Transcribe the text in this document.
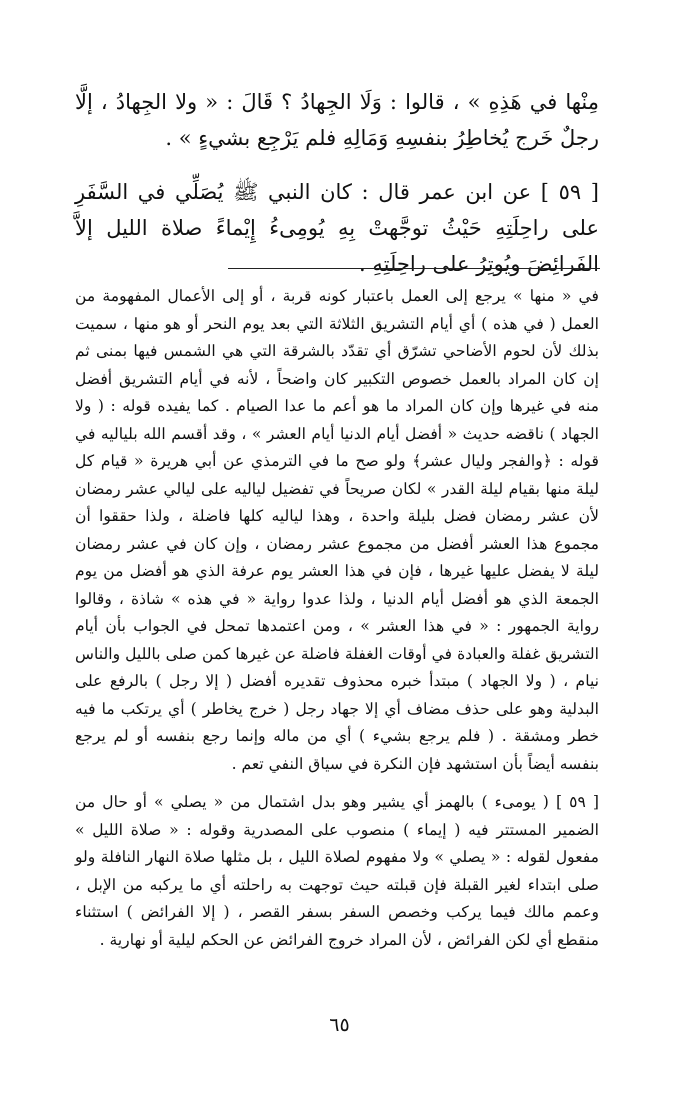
مِنْها في هَذِهِ » ، قالوا : وَلَا الجِهادُ ؟ قَالَ : « ولا الجِهادُ ، إلَّا رجلٌ خَرج يُخاطِرُ بنفسِهِ وَمَالِهِ فلم يَرْجِع بشيءٍ » .

[ ٥٩ ] عن ابن عمر قال : كان النبي ﷺ يُصَلِّي في السَّفَرِ على راحِلَتِهِ حَيْثُ توجَّهتْ بِهِ يُومِىءُ إِيْماءً صلاة الليل إلاَّ الفَرائِضَ ويُوتِرُ على راحِلَتِهِ .

في « منها » يرجع إلى العمل باعتبار كونه قربة ، أو إلى الأعمال المفهومة من العمل ( في هذه ) أي أيام التشريق الثلاثة التي بعد يوم النحر أو هو منها ، سميت بذلك لأن لحوم الأضاحي تشرّق أي تقدّد بالشرقة التي هي الشمس فيها بمنى ثم إن كان المراد بالعمل خصوص التكبير كان واضحاً ، لأنه في أيام التشريق أفضل منه في غيرها وإن كان المراد ما هو أعم ما عدا الصيام . كما يفيده قوله : ( ولا الجهاد ) ناقضه حديث « أفضل أيام الدنيا أيام العشر » ، وقد أقسم الله بلياليه في قوله : ﴿والفجر وليال عشر﴾ ولو صح ما في الترمذي عن أبي هريرة « قيام كل ليلة منها بقيام ليلة القدر » لكان صريحاً في تفضيل لياليه على ليالي عشر رمضان لأن عشر رمضان فضل بليلة واحدة ، وهذا لياليه كلها فاضلة ، ولذا حققوا أن مجموع هذا العشر أفضل من مجموع عشر رمضان ، وإن كان في عشر رمضان ليلة لا يفضل عليها غيرها ، فإن في هذا العشر يوم عرفة الذي هو أفضل من يوم الجمعة الذي هو أفضل أيام الدنيا ، ولذا عدوا رواية « في هذه » شاذة ، وقالوا رواية الجمهور : « في هذا العشر » ، ومن اعتمدها تمحل في الجواب بأن أيام التشريق غفلة والعبادة في أوقات الغفلة فاضلة عن غيرها كمن صلى بالليل والناس نيام ، ( ولا الجهاد ) مبتدأ خبره محذوف تقديره أفضل ( إلا رجل ) بالرفع على البدلية وهو على حذف مضاف أي إلا جهاد رجل ( خرج يخاطر ) أي يرتكب ما فيه خطر ومشقة . ( فلم يرجع بشيء ) أي من ماله وإنما رجع بنفسه أو لم يرجع بنفسه أيضاً بأن استشهد فإن النكرة في سياق النفي تعم .

[ ٥٩ ] ( يومىء ) بالهمز أي يشير وهو بدل اشتمال من « يصلي » أو حال من الضمير المستتر فيه ( إيماء ) منصوب على المصدرية وقوله : « صلاة الليل » مفعول لقوله : « يصلي » ولا مفهوم لصلاة الليل ، بل مثلها صلاة النهار النافلة ولو صلى ابتداء لغير القبلة فإن قبلته حيث توجهت به راحلته أي ما يركبه من الإبل ، وعمم مالك فيما يركب وخصص السفر بسفر القصر ، ( إلا الفرائض ) استثناء منقطع أي لكن الفرائض ، لأن المراد خروج الفرائض عن الحكم ليلية أو نهارية .

٦٥
